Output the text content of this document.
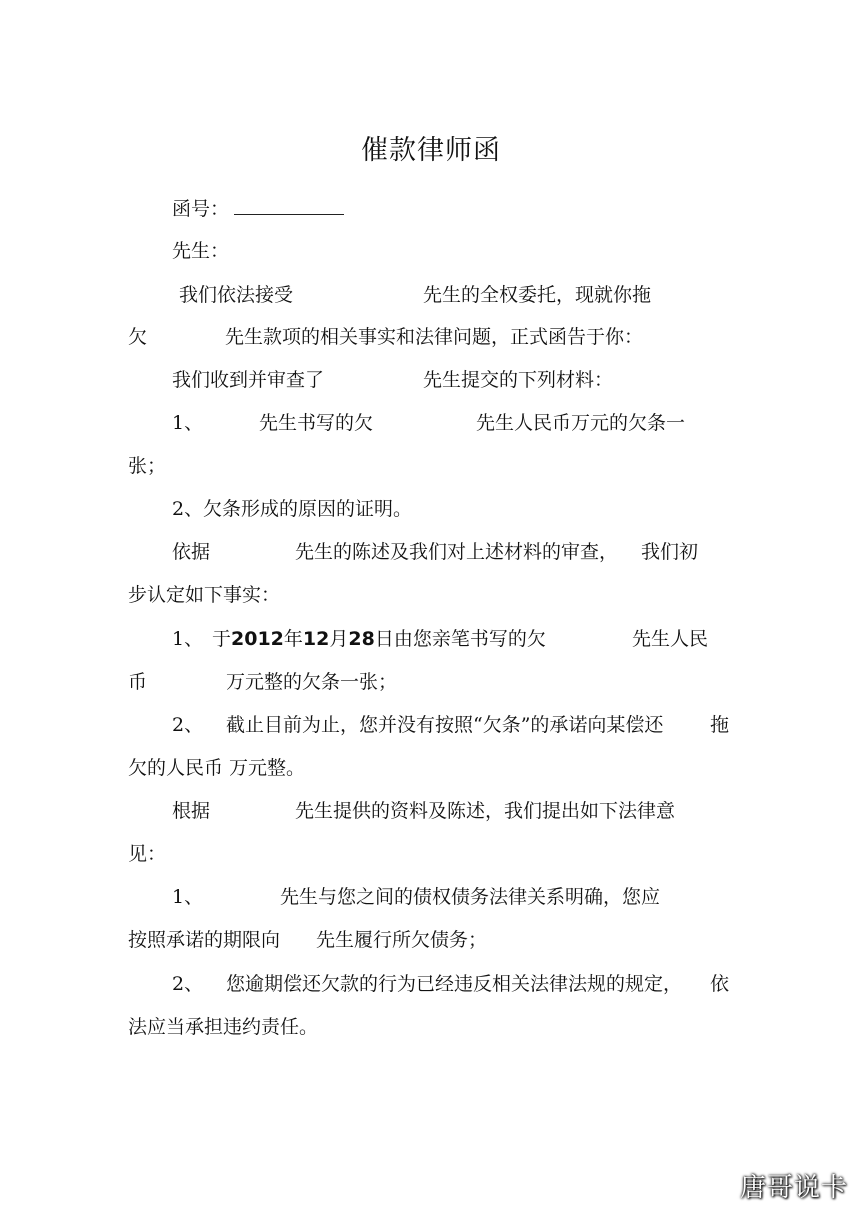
催款律师函
函号：
先生：
我们依法接受	先生的全权委托，现就你拖
欠	先生款项的相关事实和法律问题，正式函告于你：
我们收到并审查了	先生提交的下列材料：
1、	先生书写的欠	先生人民币万元的欠条一
张；
2、 欠条形成的原因的证明。
依据	先生的陈述及我们对上述材料的审查， 我们初
步认定如下事实：
1、 于2012年12月28日由您亲笔书写的欠	先生人民
币	万元整的欠条一张；
2、 截止目前为止，您并没有按照“欠条”的承诺向某偿还 拖
欠的人民币 万元整。
根据	先生提供的资料及陈述，我们提出如下法律意
见：
1、	先生与您之间的债权债务法律关系明确，您应
按照承诺的期限向 先生履行所欠债务；
2、 您逾期偿还欠款的行为已经违反相关法律法规的规定， 依
法应当承担违约责任。
唐哥说卡
